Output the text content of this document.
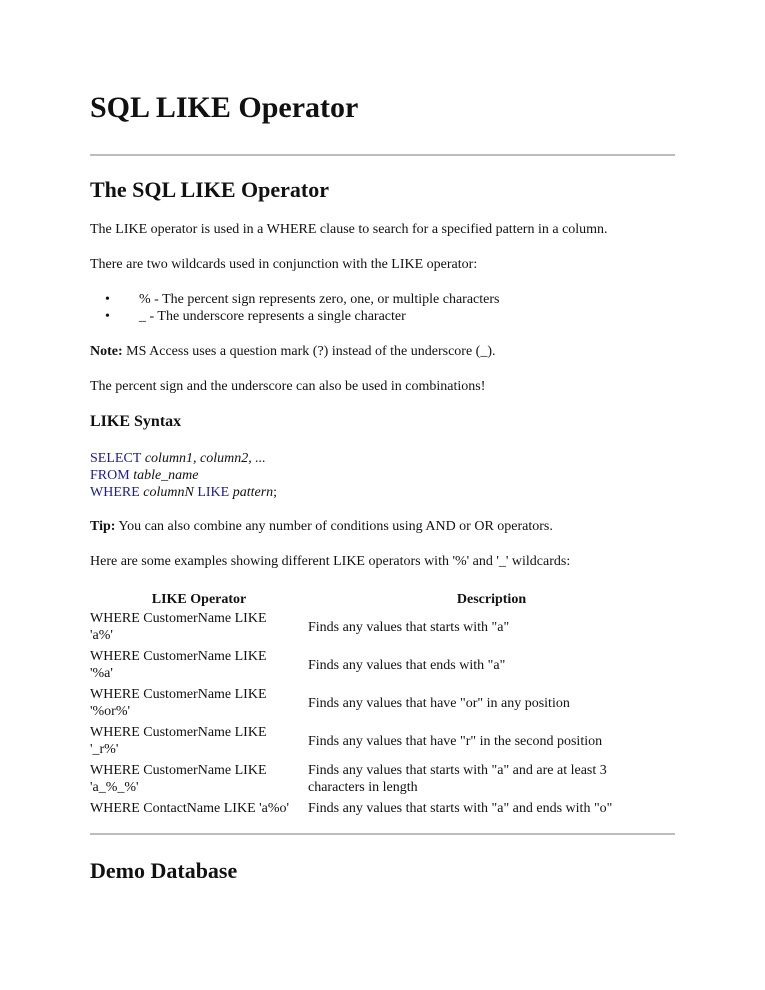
SQL LIKE Operator
The SQL LIKE Operator

The LIKE operator is used in a WHERE clause to search for a specified pattern in a column.

There are two wildcards used in conjunction with the LIKE operator:

• % - The percent sign represents zero, one, or multiple characters
• _ - The underscore represents a single character

Note: MS Access uses a question mark (?) instead of the underscore (_).

The percent sign and the underscore can also be used in combinations!

LIKE Syntax
SELECT column1, column2, ...
FROM table_name
WHERE columnN LIKE pattern;

Tip: You can also combine any number of conditions using AND or OR operators.

Here are some examples showing different LIKE operators with '%' and '_' wildcards:

LIKE Operator	Description

WHERE CustomerName LIKE 'a%'	Finds any values that starts with "a"

WHERE CustomerName LIKE '%a'	Finds any values that ends with "a"

WHERE CustomerName LIKE '%or%'	Finds any values that have "or" in any position

WHERE CustomerName LIKE '_r%'	Finds any values that have "r" in the second position

WHERE CustomerName LIKE 'a_%_%'	Finds any values that starts with "a" and are at least 3 characters in length

WHERE ContactName LIKE 'a%o'	Finds any values that starts with "a" and ends with "o"
Demo Database
